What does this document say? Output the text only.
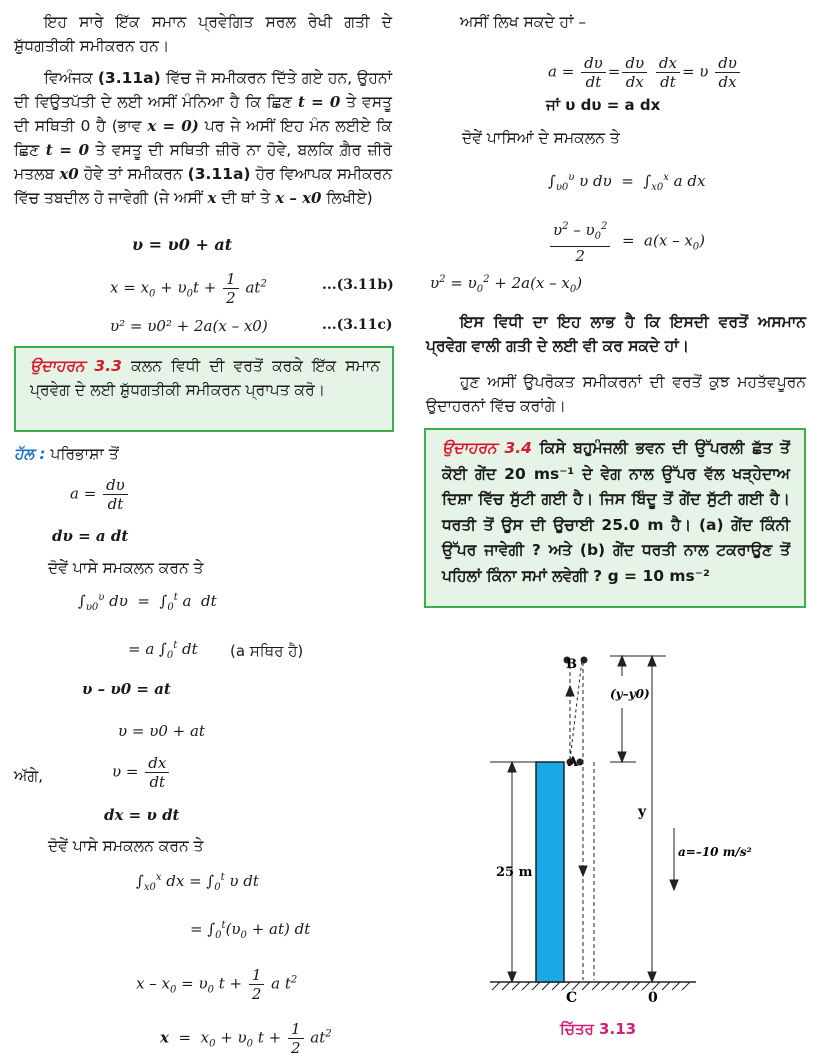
ਇਹ ਸਾਰੇ ਇੱਕ ਸਮਾਨ ਪ੍ਰਵੇਗਿਤ ਸਰਲ ਰੇਖੀ ਗਤੀ ਦੇ ਸ਼ੁੱਧਗਤੀਕੀ ਸਮੀਕਰਨ ਹਨ।
ਵਿਅੰਜਕ (3.11a) ਵਿੱਚ ਜੋ ਸਮੀਕਰਨ ਦਿੱਤੇ ਗਏ ਹਨ, ਉਹਨਾਂ ਦੀ ਵਿਉਤਪੱਤੀ ਦੇ ਲਈ ਅਸੀਂ ਮੰਨਿਆ ਹੈ ਕਿ ਛਿਣ t = 0 ਤੇ ਵਸਤੂ ਦੀ ਸਥਿਤੀ 0 ਹੈ (ਭਾਵ x = 0) ਪਰ ਜੇ ਅਸੀਂ ਇਹ ਮੰਨ ਲਈਏ ਕਿ ਛਿਣ t = 0 ਤੇ ਵਸਤੂ ਦੀ ਸਥਿਤੀ ਜ਼ੀਰੋ ਨਾ ਹੋਵੇ, ਬਲਕਿ ਗ਼ੈਰ ਜ਼ੀਰੋ ਮਤਲਬ x0 ਹੋਵੇ ਤਾਂ ਸਮੀਕਰਨ (3.11a) ਹੋਰ ਵਿਆਪਕ ਸਮੀਕਰਨ ਵਿੱਚ ਤਬਦੀਲ ਹੋ ਜਾਵੇਗੀ (ਜੇ ਅਸੀਂ x ਦੀ ਥਾਂ ਤੇ x – x0 ਲਿਖੀਏ)
υ = υ0 + at
$x = x_0 + \upsilon_0t + \frac{1}{2} at^2$	...(3.11b)
υ² = υ0² + 2a(x – x0)	...(3.11c)
ਉਦਾਹਰਨ 3.3 ਕਲਨ ਵਿਧੀ ਦੀ ਵਰਤੋਂ ਕਰਕੇ ਇੱਕ ਸਮਾਨ ਪ੍ਰਵੇਗ ਦੇ ਲਈ ਸ਼ੁੱਧਗਤੀਕੀ ਸਮੀਕਰਨ ਪ੍ਰਾਪਤ ਕਰੋ।
ਹੱਲ : ਪਰਿਭਾਸ਼ਾ ਤੋਂ
$a = \frac{d\upsilon}{dt}$
dυ = a dt
ਦੋਵੇਂ ਪਾਸੇ ਸਮਕਲਨ ਕਰਨ ਤੇ
$\int_{\upsilon 0}^\upsilon$ $d\upsilon = \int_0^t$ a  dt
= a $\int_0^t$ dt (a ਸਥਿਰ ਹੈ)
υ – υ0 = at
υ = υ0 + at
ਅੱਗੇ,	$\upsilon = \frac{dx}{dt}$
dx = υ dt
ਦੋਵੇਂ ਪਾਸੇ ਸਮਕਲਨ ਕਰਨ ਤੇ
$\int_{x0}^x$ dx = $\int_0^t$ υ dt
= $\int_0^t(\upsilon_0 + at)$ dt
$x - x_0 = \upsilon_0$ $t + \frac{1}{2}$ a $t^2$
$x = x_0 + \upsilon_0$ $t + \frac{1}{2} at^2$
ਅਸੀਂ ਲਿਖ ਸਕਦੇ ਹਾਂ –
$a = \frac{d\upsilon}{dt} = \frac{d\upsilon}{dx}$
$\frac{dx}{dt} = \upsilon \frac{d\upsilon}{dx}$
ਜਾਂ υ dυ = a dx
ਦੋਵੇਂ ਪਾਸਿਆਂ ਦੇ ਸਮਕਲਨ ਤੇ
$\int_{\upsilon 0}^\upsilon$ υ $d\upsilon = \int_{x0}^x$ a dx
$\frac{\upsilon^2 - \upsilon_0^2}{2} = a(x - x_0)$
$\upsilon^2 = \upsilon_0^2 + 2a(x - x_0)$
ਇਸ ਵਿਧੀ ਦਾ ਇਹ ਲਾਭ ਹੈ ਕਿ ਇਸਦੀ ਵਰਤੋਂ ਅਸਮਾਨ ਪ੍ਰਵੇਗ ਵਾਲੀ ਗਤੀ ਦੇ ਲਈ ਵੀ ਕਰ ਸਕਦੇ ਹਾਂ।
ਹੁਣ ਅਸੀਂ ਉਪਰੋਕਤ ਸਮੀਕਰਨਾਂ ਦੀ ਵਰਤੋਂ ਕੁਝ ਮਹਤੱਵਪੂਰਨ ਉਦਾਹਰਨਾਂ ਵਿੱਚ ਕਰਾਂਗੇ।
ਉਦਾਹਰਨ 3.4 ਕਿਸੇ ਬਹੁਮੰਜਲੀ ਭਵਨ ਦੀ ਉੱਪਰਲੀ ਛੱਤ ਤੋਂ ਕੋਈ ਗੇਂਦ 20 ms⁻¹ ਦੇ ਵੇਗ ਨਾਲ ਉੱਪਰ ਵੱਲ ਖੜ੍ਹੇਦਾਅ ਦਿਸ਼ਾ ਵਿੱਚ ਸੁੱਟੀ ਗਈ ਹੈ। ਜਿਸ ਬਿੰਦੂ ਤੋਂ ਗੇਂਦ ਸੁੱਟੀ ਗਈ ਹੈ। ਧਰਤੀ ਤੋਂ ਉਸ ਦੀ ਉਚਾਈ 25.0 m ਹੈ। (a) ਗੇਂਦ ਕਿੰਨੀ ਉੱਪਰ ਜਾਵੇਗੀ ? ਅਤੇ (b) ਗੇਂਦ ਧਰਤੀ ਨਾਲ ਟਕਰਾਉਣ ਤੋਂ ਪਹਿਲਾਂ ਕਿੰਨਾ ਸਮਾਂ ਲਵੇਗੀ ? g = 10 ms⁻²
B
A
C	0
(y–y0)
y
25 m
a=–10 m/s²
ਚਿੱਤਰ 3.13
